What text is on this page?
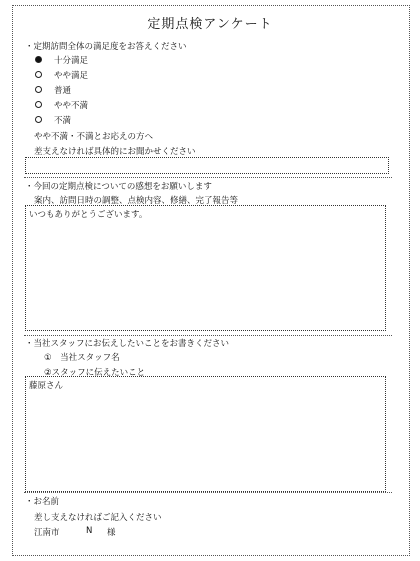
定期点検アンケート
・定期訪問全体の満足度をお答えください
十分満足
やや満足
普通
やや不満
不満
やや不満・不満とお応えの方へ
差支えなければ具体的にお聞かせください
・今回の定期点検についての感想をお願いします
案内、訪問日時の調整、点検内容、修繕、完了報告等
いつもありがとうございます。
・当社スタッフにお伝えしたいことをお書きください
①　当社スタッフ名
②スタッフに伝えたいこと
藤原さん
・お名前
差し支えなければご記入ください
江南市	N 様
